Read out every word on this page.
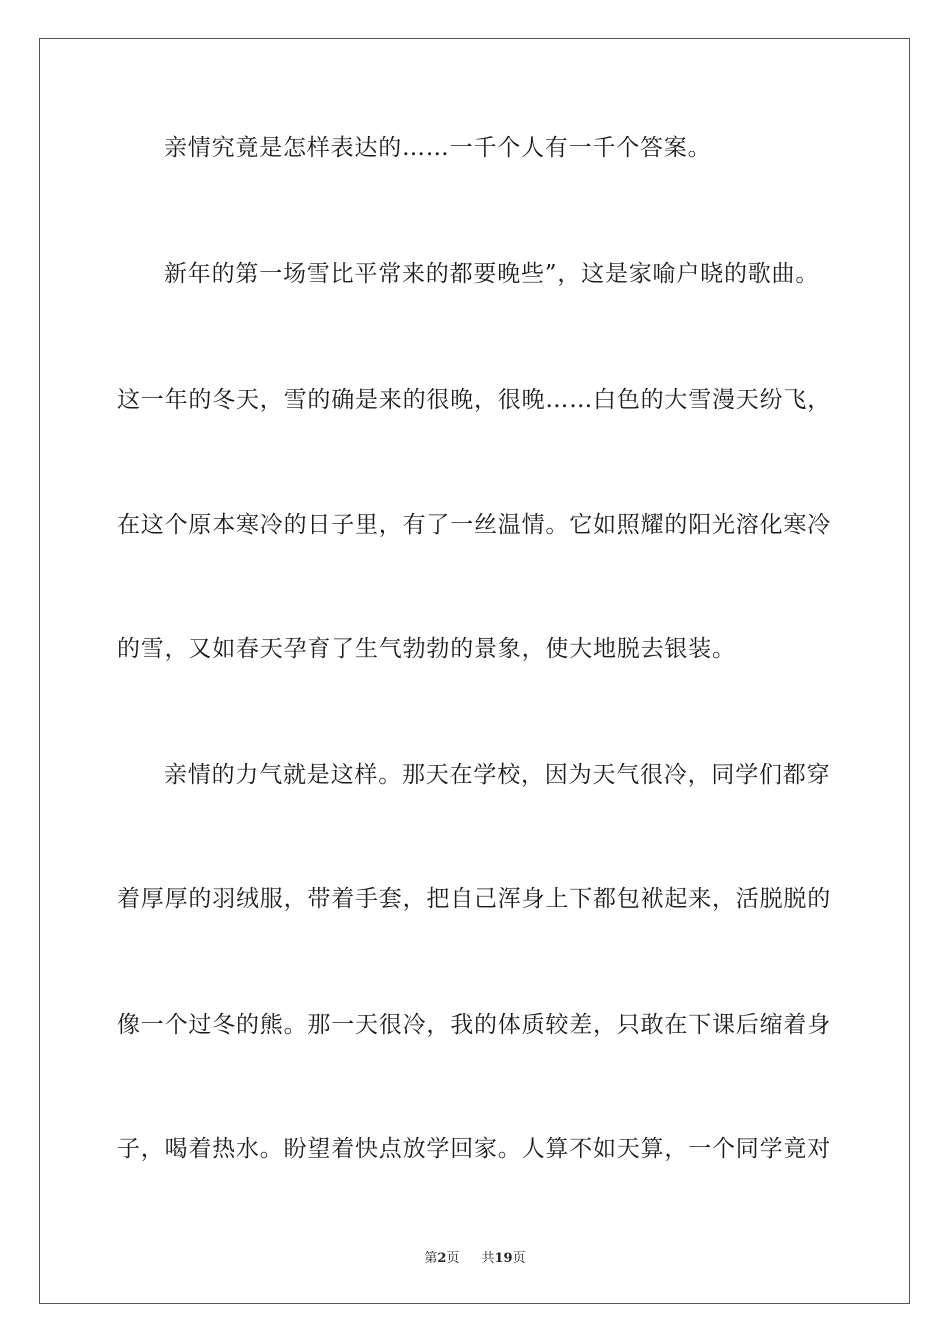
亲情究竟是怎样表达的……一千个人有一千个答案。
新年的第一场雪比平常来的都要晚些”，这是家喻户晓的歌曲。
这一年的冬天，雪的确是来的很晚，很晚……白色的大雪漫天纷飞，
在这个原本寒冷的日子里，有了一丝温情。它如照耀的阳光溶化寒冷
的雪，又如春天孕育了生气勃勃的景象，使大地脱去银装。
亲情的力气就是这样。那天在学校，因为天气很冷，同学们都穿
着厚厚的羽绒服，带着手套，把自己浑身上下都包袱起来，活脱脱的
像一个过冬的熊。那一天很冷，我的体质较差，只敢在下课后缩着身
子，喝着热水。盼望着快点放学回家。人算不如天算，一个同学竟对
第2页 共19页
